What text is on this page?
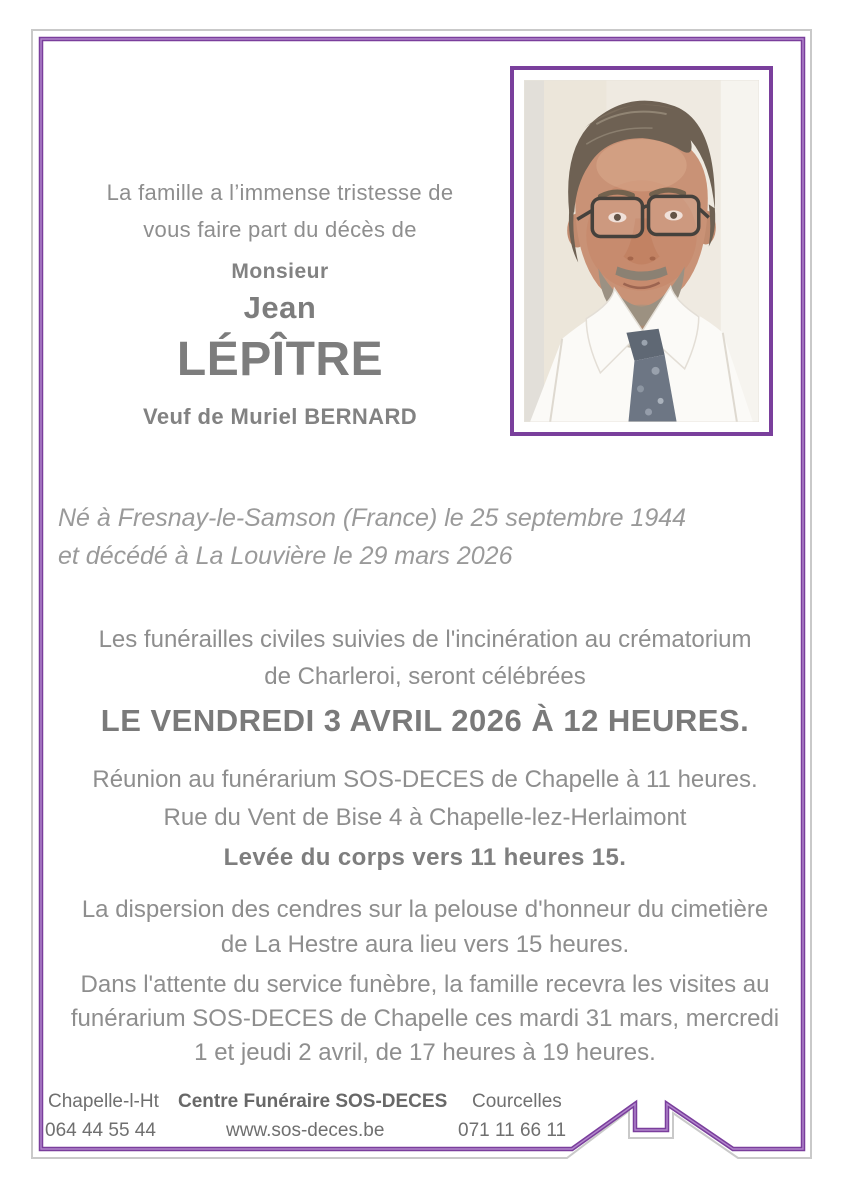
La famille a l’immense tristesse de
vous faire part du décès de
Monsieur
Jean
LÉPÎTRE
Veuf de Muriel BERNARD
Né à Fresnay-le-Samson (France) le 25 septembre 1944
et décédé à La Louvière le 29 mars 2026
Les funérailles civiles suivies de l'incinération au crématorium
de Charleroi, seront célébrées
LE VENDREDI 3 AVRIL 2026 À 12 HEURES.
Réunion au funérarium SOS-DECES de Chapelle à 11 heures.
Rue du Vent de Bise 4 à Chapelle-lez-Herlaimont
Levée du corps vers 11 heures 15.
La dispersion des cendres sur la pelouse d'honneur du cimetière
de La Hestre aura lieu vers 15 heures.
Dans l'attente du service funèbre, la famille recevra les visites au
funérarium SOS-DECES de Chapelle ces mardi 31 mars, mercredi
1 et jeudi 2 avril, de 17 heures à 19 heures.
Chapelle-l-Ht Centre Funéraire SOS-DECES Courcelles
064 44 55 44	www.sos-deces.be	071 11 66 11
